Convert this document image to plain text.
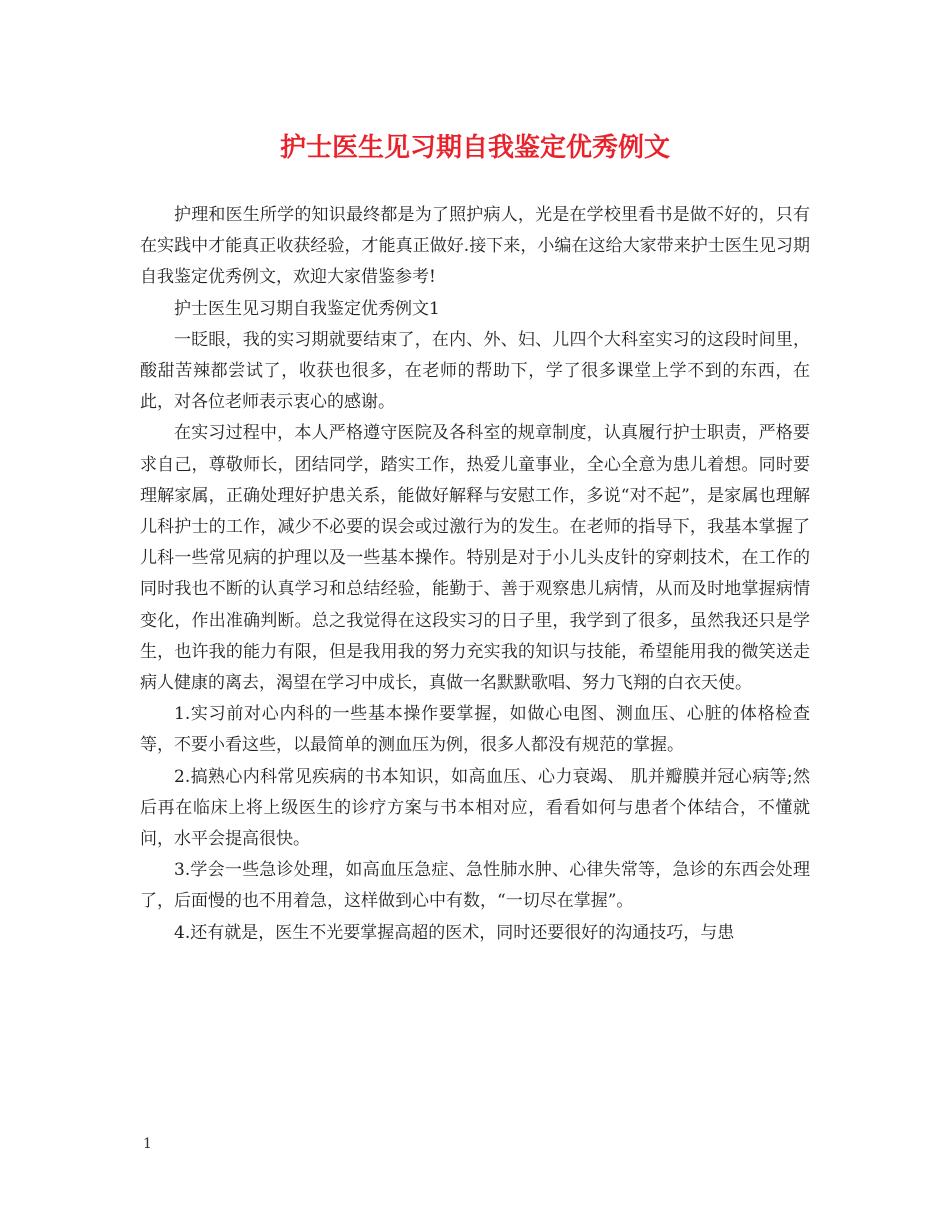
护士医生见习期自我鉴定优秀例文

护理和医生所学的知识最终都是为了照护病人，光是在学校里看书是做不好的，只有在实践中才能真正收获经验，才能真正做好.接下来，小编在这给大家带来护士医生见习期自我鉴定优秀例文，欢迎大家借鉴参考!

护士医生见习期自我鉴定优秀例文1

一眨眼，我的实习期就要结束了，在内、外、妇、儿四个大科室实习的这段时间里，酸甜苦辣都尝试了，收获也很多，在老师的帮助下，学了很多课堂上学不到的东西，在此，对各位老师表示衷心的感谢。

在实习过程中，本人严格遵守医院及各科室的规章制度，认真履行护士职责，严格要求自己，尊敬师长，团结同学，踏实工作，热爱儿童事业，全心全意为患儿着想。同时要理解家属，正确处理好护患关系，能做好解释与安慰工作，多说“对不起”，是家属也理解儿科护士的工作，减少不必要的误会或过激行为的发生。在老师的指导下，我基本掌握了儿科一些常见病的护理以及一些基本操作。特别是对于小儿头皮针的穿刺技术，在工作的同时我也不断的认真学习和总结经验，能勤于、善于观察患儿病情，从而及时地掌握病情变化，作出准确判断。总之我觉得在这段实习的日子里，我学到了很多，虽然我还只是学生，也许我的能力有限，但是我用我的努力充实我的知识与技能，希望能用我的微笑送走病人健康的离去，渴望在学习中成长，真做一名默默歌唱、努力飞翔的白衣天使。

1.实习前对心内科的一些基本操作要掌握，如做心电图、测血压、心脏的体格检查等，不要小看这些，以最简单的测血压为例，很多人都没有规范的掌握。

2.搞熟心内科常见疾病的书本知识，如高血压、心力衰竭、 肌并瓣膜并冠心病等;然后再在临床上将上级医生的诊疗方案与书本相对应，看看如何与患者个体结合，不懂就问，水平会提高很快。

3.学会一些急诊处理，如高血压急症、急性肺水肿、心律失常等，急诊的东西会处理了，后面慢的也不用着急，这样做到心中有数，“一切尽在掌握”。

4.还有就是，医生不光要掌握高超的医术，同时还要很好的沟通技巧，与患

1
